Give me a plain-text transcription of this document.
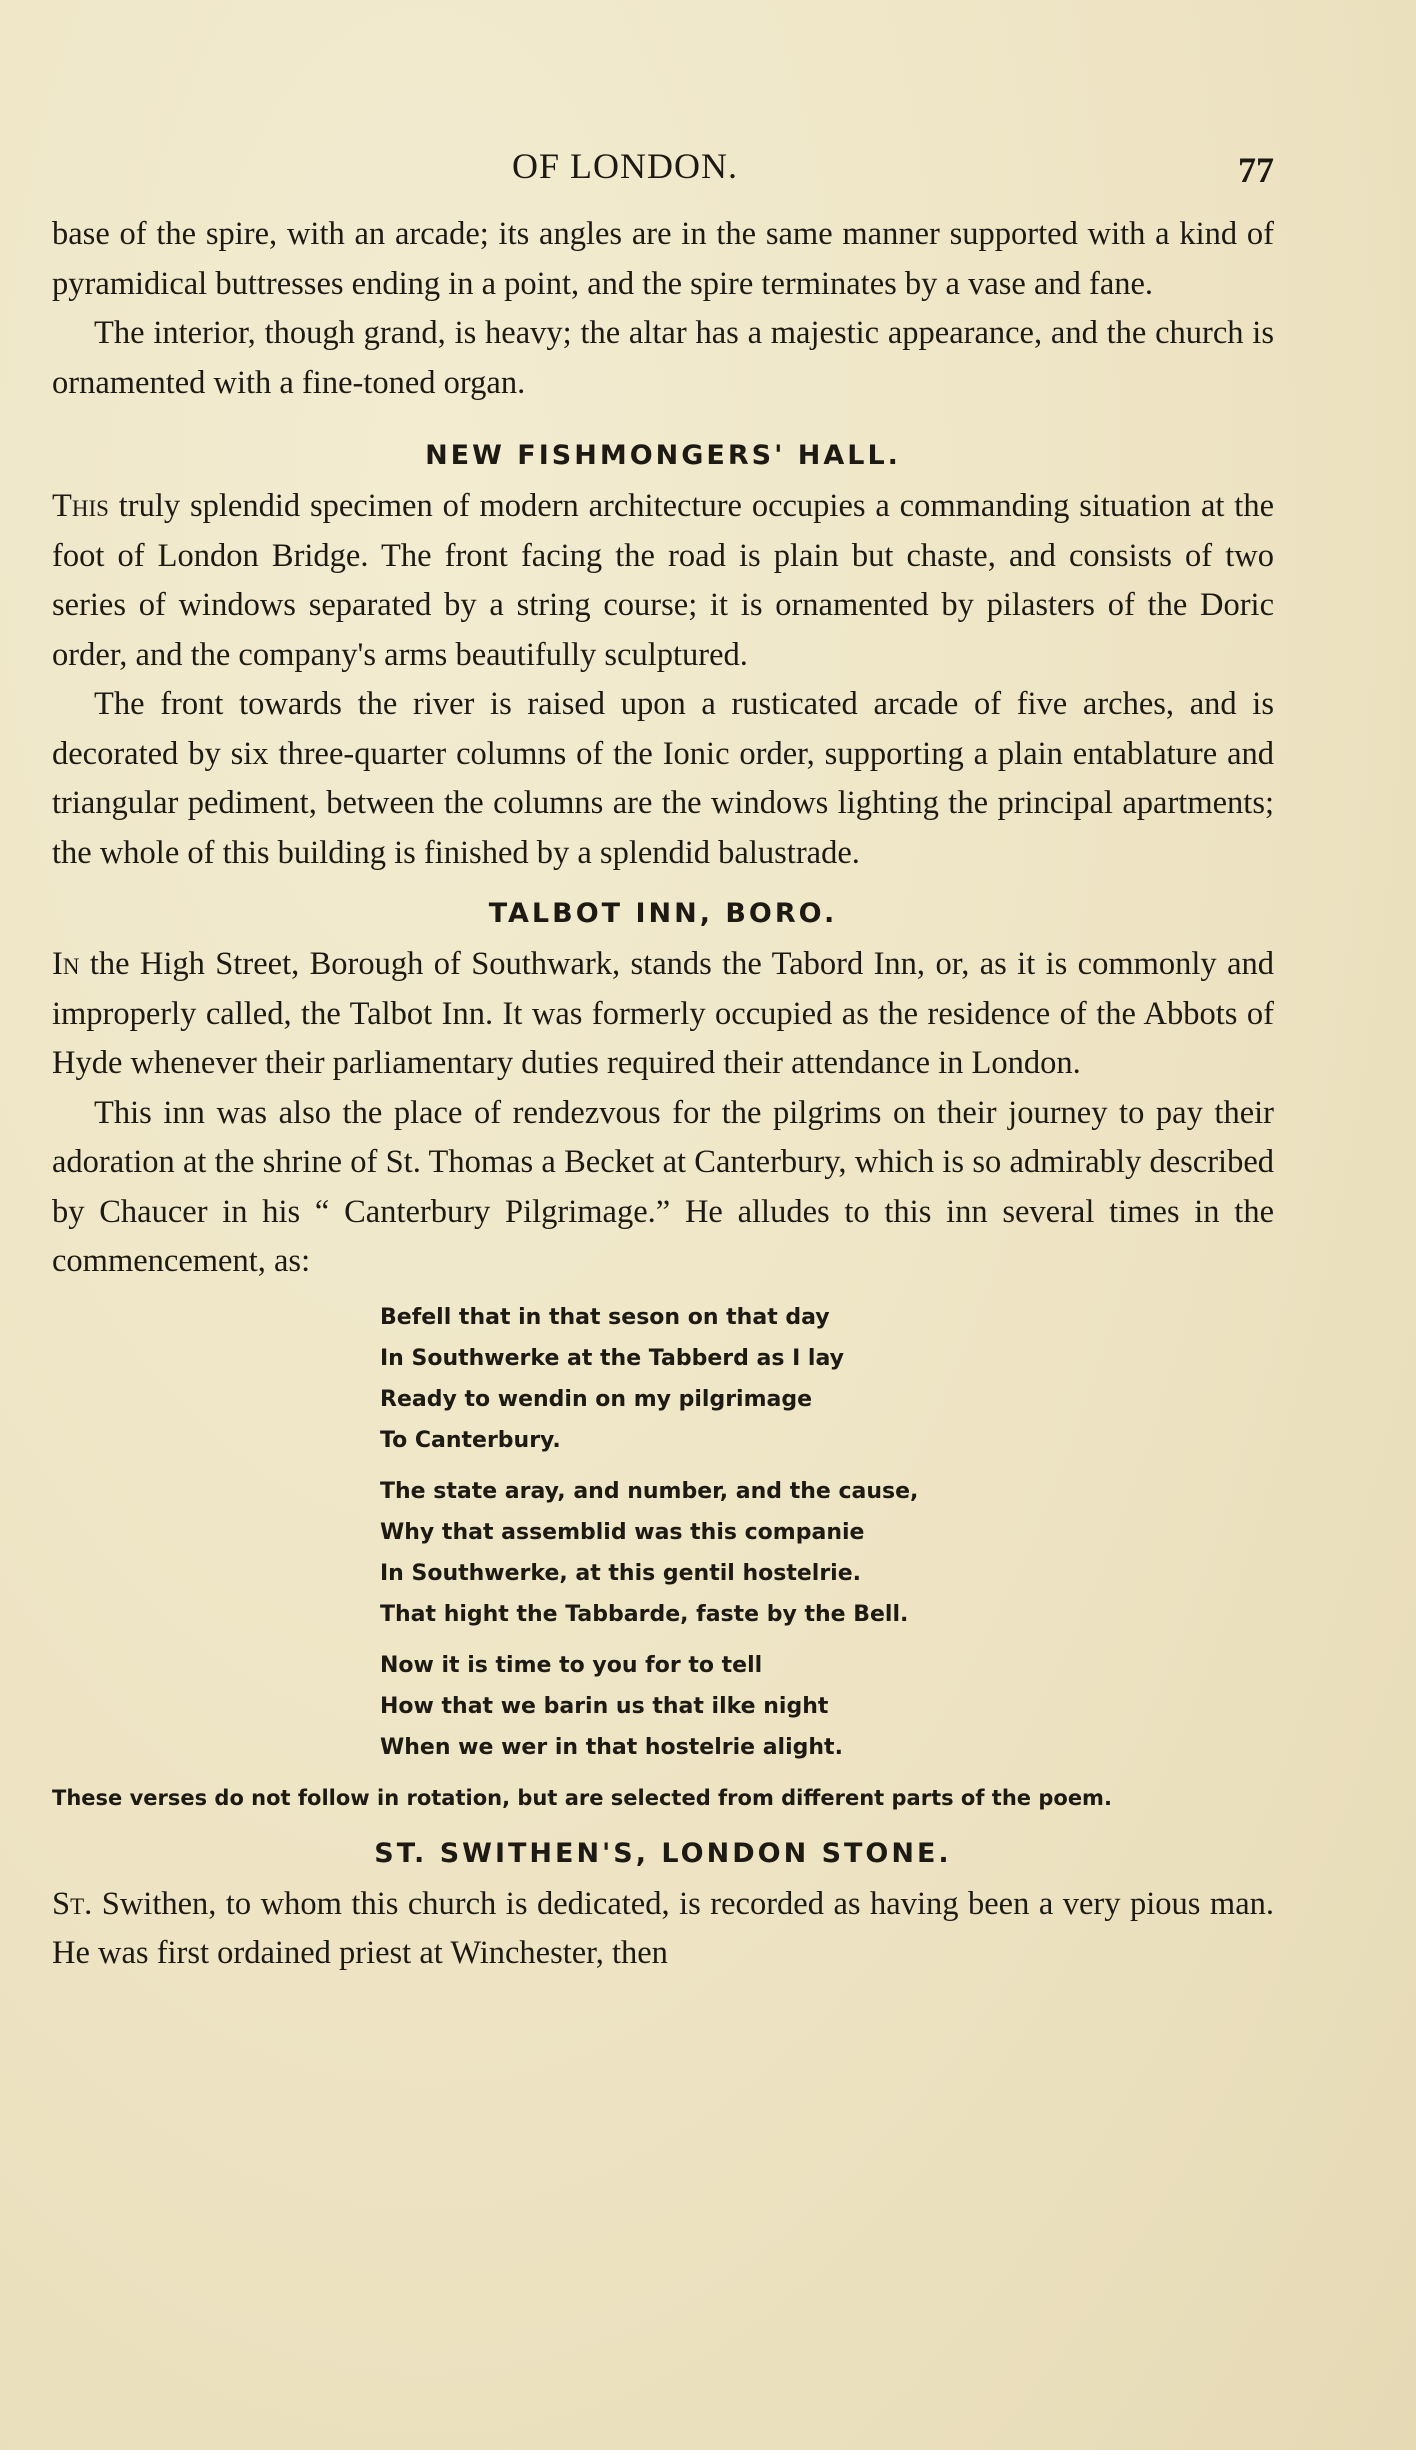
OF LONDON.	77

base of the spire, with an arcade; its angles are in the same manner supported with a kind of pyramidical buttresses ending in a point, and the spire terminates by a vase and fane.

The interior, though grand, is heavy; the altar has a majestic appearance, and the church is ornamented with a fine-toned organ.

NEW FISHMONGERS' HALL.

This truly splendid specimen of modern architecture occupies a commanding situation at the foot of London Bridge. The front facing the road is plain but chaste, and consists of two series of windows separated by a string course; it is ornamented by pilasters of the Doric order, and the company's arms beautifully sculptured.

The front towards the river is raised upon a rusticated arcade of five arches, and is decorated by six three-quarter columns of the Ionic order, supporting a plain entablature and triangular pediment, between the columns are the windows lighting the principal apartments; the whole of this building is finished by a splendid balustrade.

TALBOT INN, BORO.

In the High Street, Borough of Southwark, stands the Tabord Inn, or, as it is commonly and improperly called, the Talbot Inn. It was formerly occupied as the residence of the Abbots of Hyde whenever their parliamentary duties required their attendance in London.

This inn was also the place of rendezvous for the pilgrims on their journey to pay their adoration at the shrine of St. Thomas a Becket at Canterbury, which is so admirably described by Chaucer in his “ Canterbury Pilgrimage.” He alludes to this inn several times in the commencement, as:

Befell that in that seson on that day
In Southwerke at the Tabberd as I lay
Ready to wendin on my pilgrimage
To Canterbury.
The state aray, and number, and the cause,
Why that assemblid was this companie
In Southwerke, at this gentil hostelrie.
That hight the Tabbarde, faste by the Bell.
Now it is time to you for to tell
How that we barin us that ilke night
When we wer in that hostelrie alight.
These verses do not follow in rotation, but are selected from different parts of the poem.
ST. SWITHEN'S, LONDON STONE.

St. Swithen, to whom this church is dedicated, is recorded as having been a very pious man. He was first ordained priest at Winchester, then
